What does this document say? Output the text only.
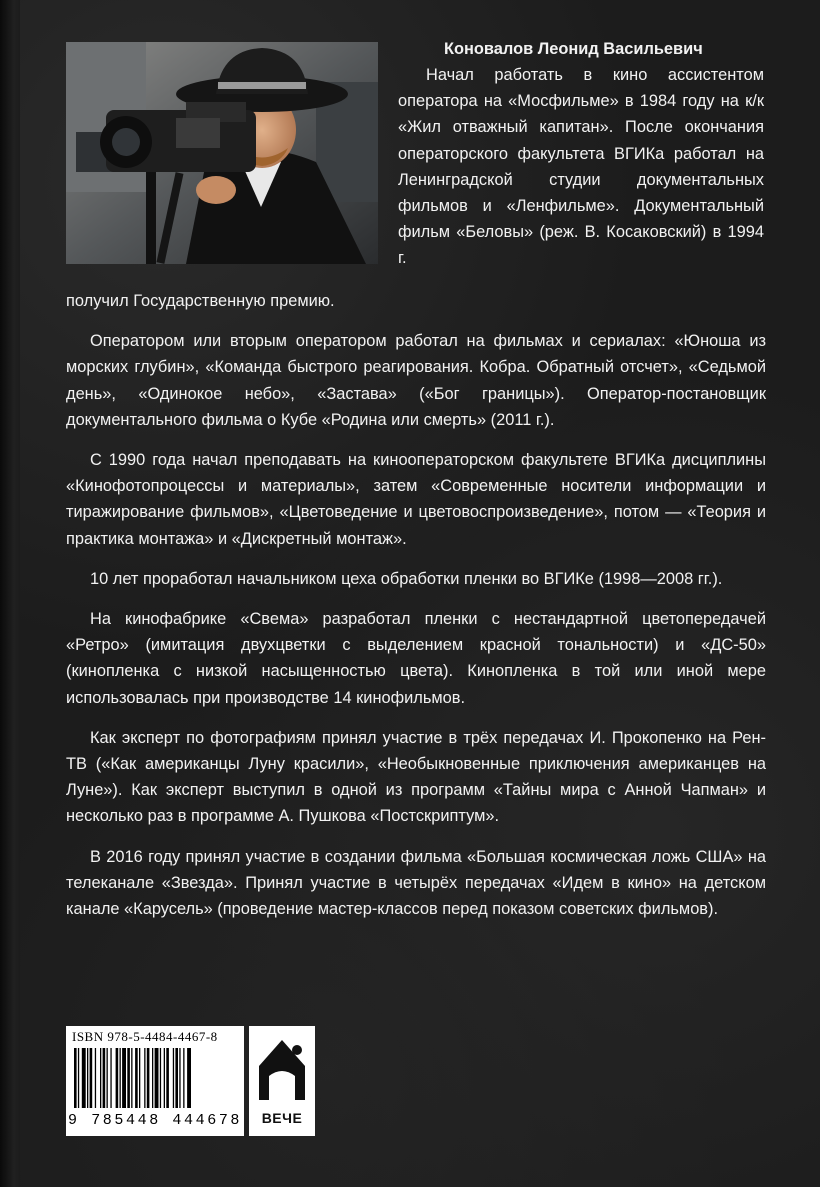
Коновалов Леонид Васильевич
Начал работать в кино ассистентом оператора на «Мосфильме» в 1984 году на к/к «Жил отважный капитан». После окончания операторского факультета ВГИКа работал на Ленинградской студии документальных фильмов и «Ленфильме». Документальный фильм «Беловы» (реж. В. Косаковский) в 1994 г.

получил Государственную премию.

Оператором или вторым оператором работал на фильмах и сериалах: «Юноша из морских глубин», «Команда быстрого реагирования. Кобра. Обратный отсчет», «Седьмой день», «Одинокое небо», «Застава» («Бог границы»). Оператор-постановщик документального фильма о Кубе «Родина или смерть» (2011 г.).

С 1990 года начал преподавать на кинооператорском факультете ВГИКа дисциплины «Кинофотопроцессы и материалы», затем «Современные носители информации и тиражирование фильмов», «Цветоведение и цветовоспроизведение», потом — «Теория и практика монтажа» и «Дискретный монтаж».

10 лет проработал начальником цеха обработки пленки во ВГИКе (1998—2008 гг.).

На кинофабрике «Свема» разработал пленки с нестандартной цветопередачей «Ретро» (имитация двухцветки с выделением красной тональности) и «ДС-50» (кинопленка с низкой насыщенностью цвета). Кинопленка в той или иной мере использовалась при производстве 14 кинофильмов.

Как эксперт по фотографиям принял участие в трёх передачах И. Прокопенко на Рен-ТВ («Как американцы Луну красили», «Необыкновенные приключения американцев на Луне»). Как эксперт выступил в одной из программ «Тайны мира с Анной Чапман» и несколько раз в программе А. Пушкова «Постскриптум».

В 2016 году принял участие в создании фильма «Большая космическая ложь США» на телеканале «Звезда». Принял участие в четырёх передачах «Идем в кино» на детском канале «Карусель» (проведение мастер-классов перед показом советских фильмов).

ISBN 978-5-4484-4467-8
9 785448 444678	ВЕЧЕ
